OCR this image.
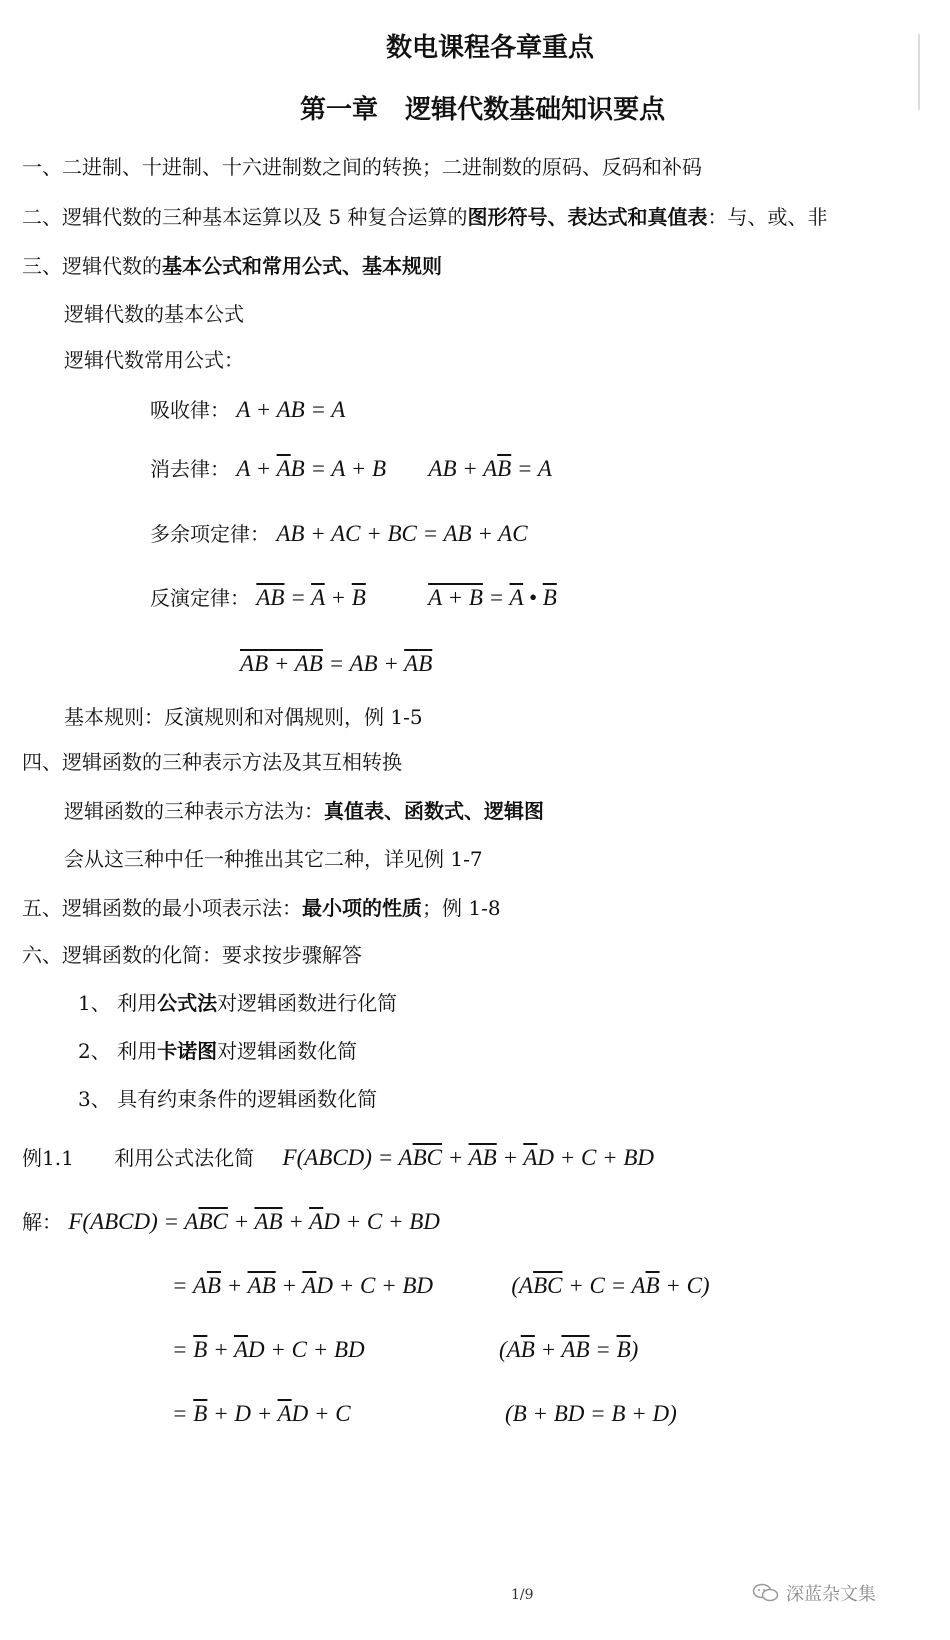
数电课程各章重点
第一章   逻辑代数基础知识要点
一、二进制、十进制、十六进制数之间的转换；二进制数的原码、反码和补码
二、逻辑代数的三种基本运算以及 5 种复合运算的图形符号、表达式和真值表：与、或、非
三、逻辑代数的基本公式和常用公式、基本规则
逻辑代数的基本公式
逻辑代数常用公式：
吸收律： A + AB = A
消去律： $A + \overline{A}B = A + B$ AB + $A\overline{B} = A$
多余项定律： AB + AC + BC = AB + AC
反演定律： $\overline{AB} = \overline{A} + \overline{B}$	$A + B = \overline{A}$ • $\overline{B}$
AB + AB = AB + $\overline{A}\overline{B}$
基本规则：反演规则和对偶规则，例 1-5
四、逻辑函数的三种表示方法及其互相转换
逻辑函数的三种表示方法为：真值表、函数式、逻辑图
会从这三种中任一种推出其它二种，详见例 1-7
五、逻辑函数的最小项表示法：最小项的性质；例 1-8
六、逻辑函数的化简：要求按步骤解答
1、 利用公式法对逻辑函数进行化简
2、 利用卡诺图对逻辑函数化简
3、 具有约束条件的逻辑函数化简
例1.1 利用公式法化简 F(ABCD) = $A\overline{BC} + \overline{AB} + \overline{A}D + C$ + BD
解： F(ABCD) = $A\overline{BC} + \overline{AB} + \overline{A}D + C$ + BD
= $A\overline{B} + \overline{AB} + \overline{A}D + C$ + BD	$(A\overline{BC} + C = A\overline{B} + C)$
= $\overline{B} + \overline{A}D + C$ + BD	$(A\overline{B} + \overline{AB} = \overline{B})$
= $\overline{B} + D + \overline{A}D + C$	(B + BD = B + D)
1/9	深蓝杂文集
